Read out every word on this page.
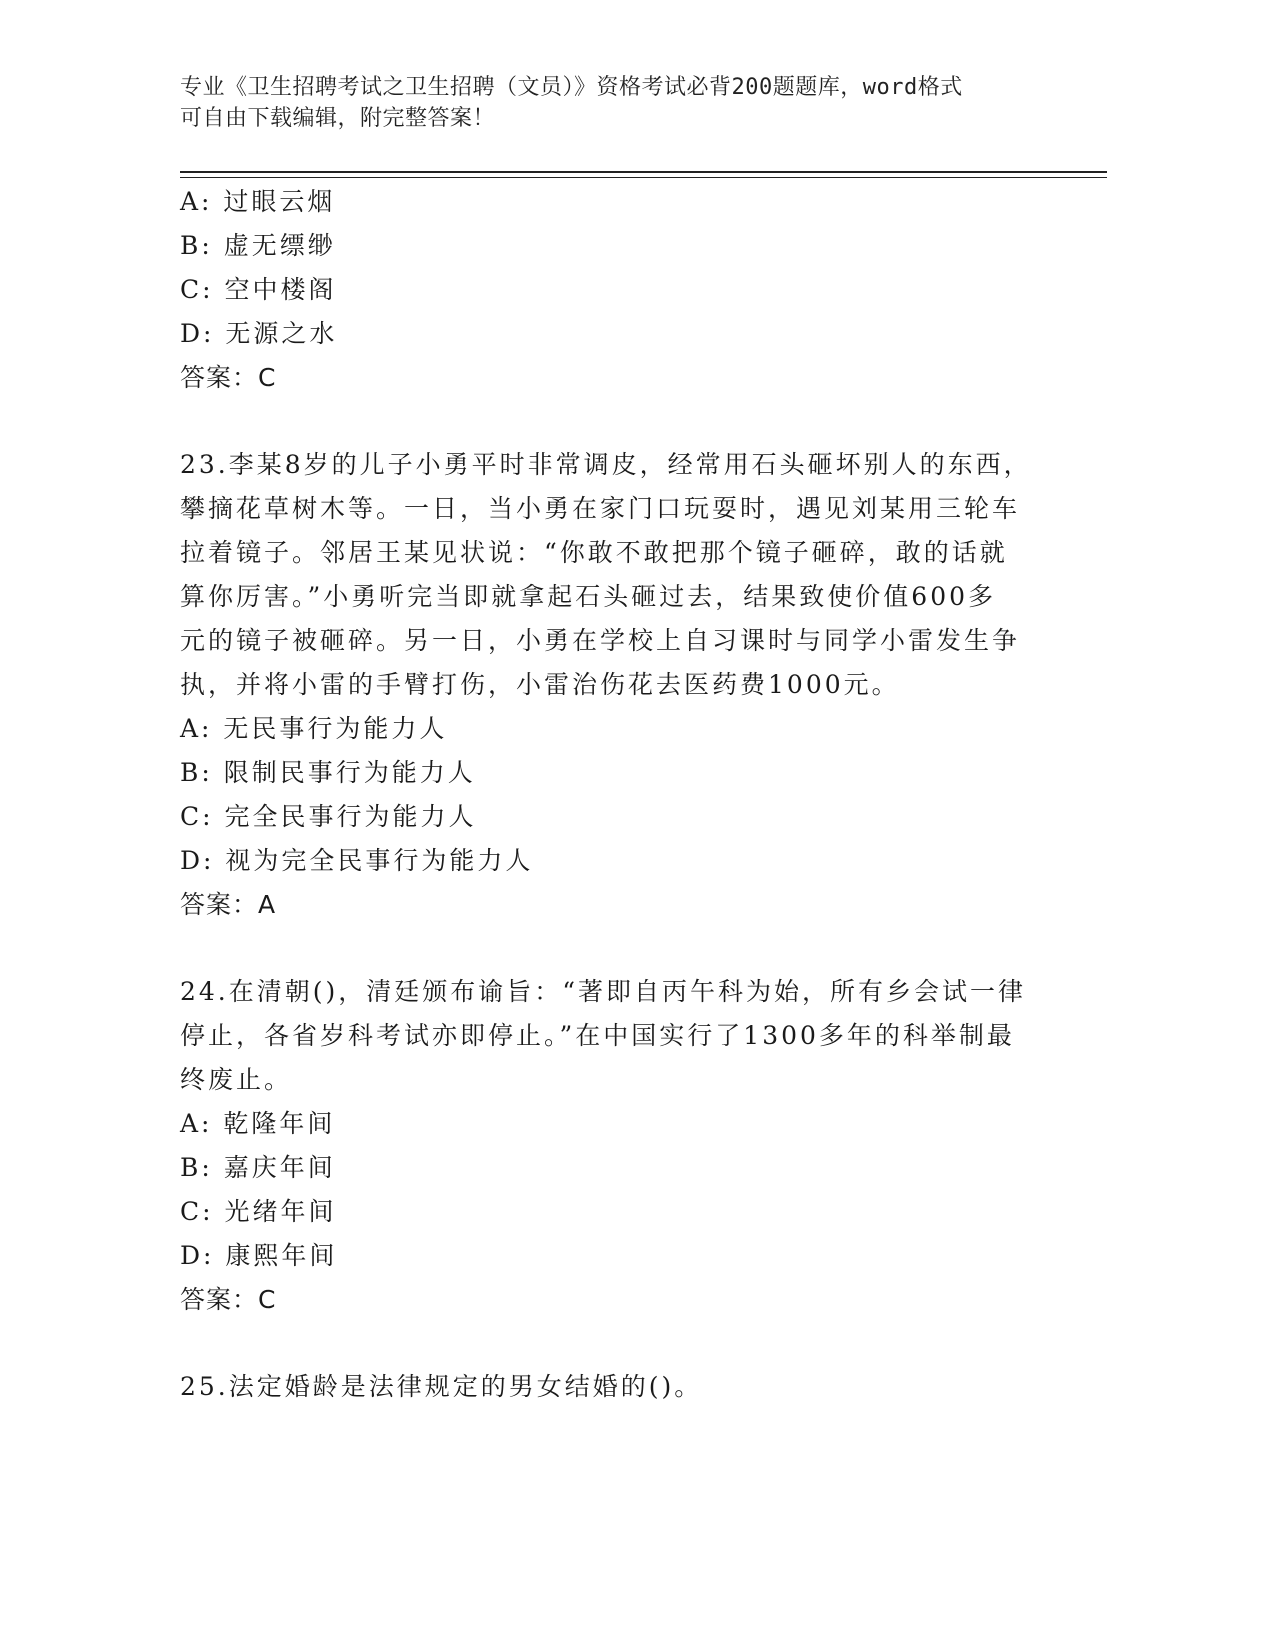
专业《卫生招聘考试之卫生招聘（文员）》资格考试必背200题题库，word格式
可自由下载编辑，附完整答案！
A: 过眼云烟
B: 虚无缥缈
C: 空中楼阁
D: 无源之水
答案：C
23.李某8岁的儿子小勇平时非常调皮，经常用石头砸坏别人的东西，
攀摘花草树木等。一日，当小勇在家门口玩耍时，遇见刘某用三轮车
拉着镜子。邻居王某见状说：“你敢不敢把那个镜子砸碎，敢的话就
算你厉害。”小勇听完当即就拿起石头砸过去，结果致使价值600多
元的镜子被砸碎。另一日，小勇在学校上自习课时与同学小雷发生争
执，并将小雷的手臂打伤，小雷治伤花去医药费1000元。
A: 无民事行为能力人
B: 限制民事行为能力人
C: 完全民事行为能力人
D: 视为完全民事行为能力人
答案：A
24.在清朝()，清廷颁布谕旨：“著即自丙午科为始，所有乡会试一律
停止，各省岁科考试亦即停止。”在中国实行了1300多年的科举制最
终废止。
A: 乾隆年间
B: 嘉庆年间
C: 光绪年间
D: 康熙年间
答案：C
25.法定婚龄是法律规定的男女结婚的()。
